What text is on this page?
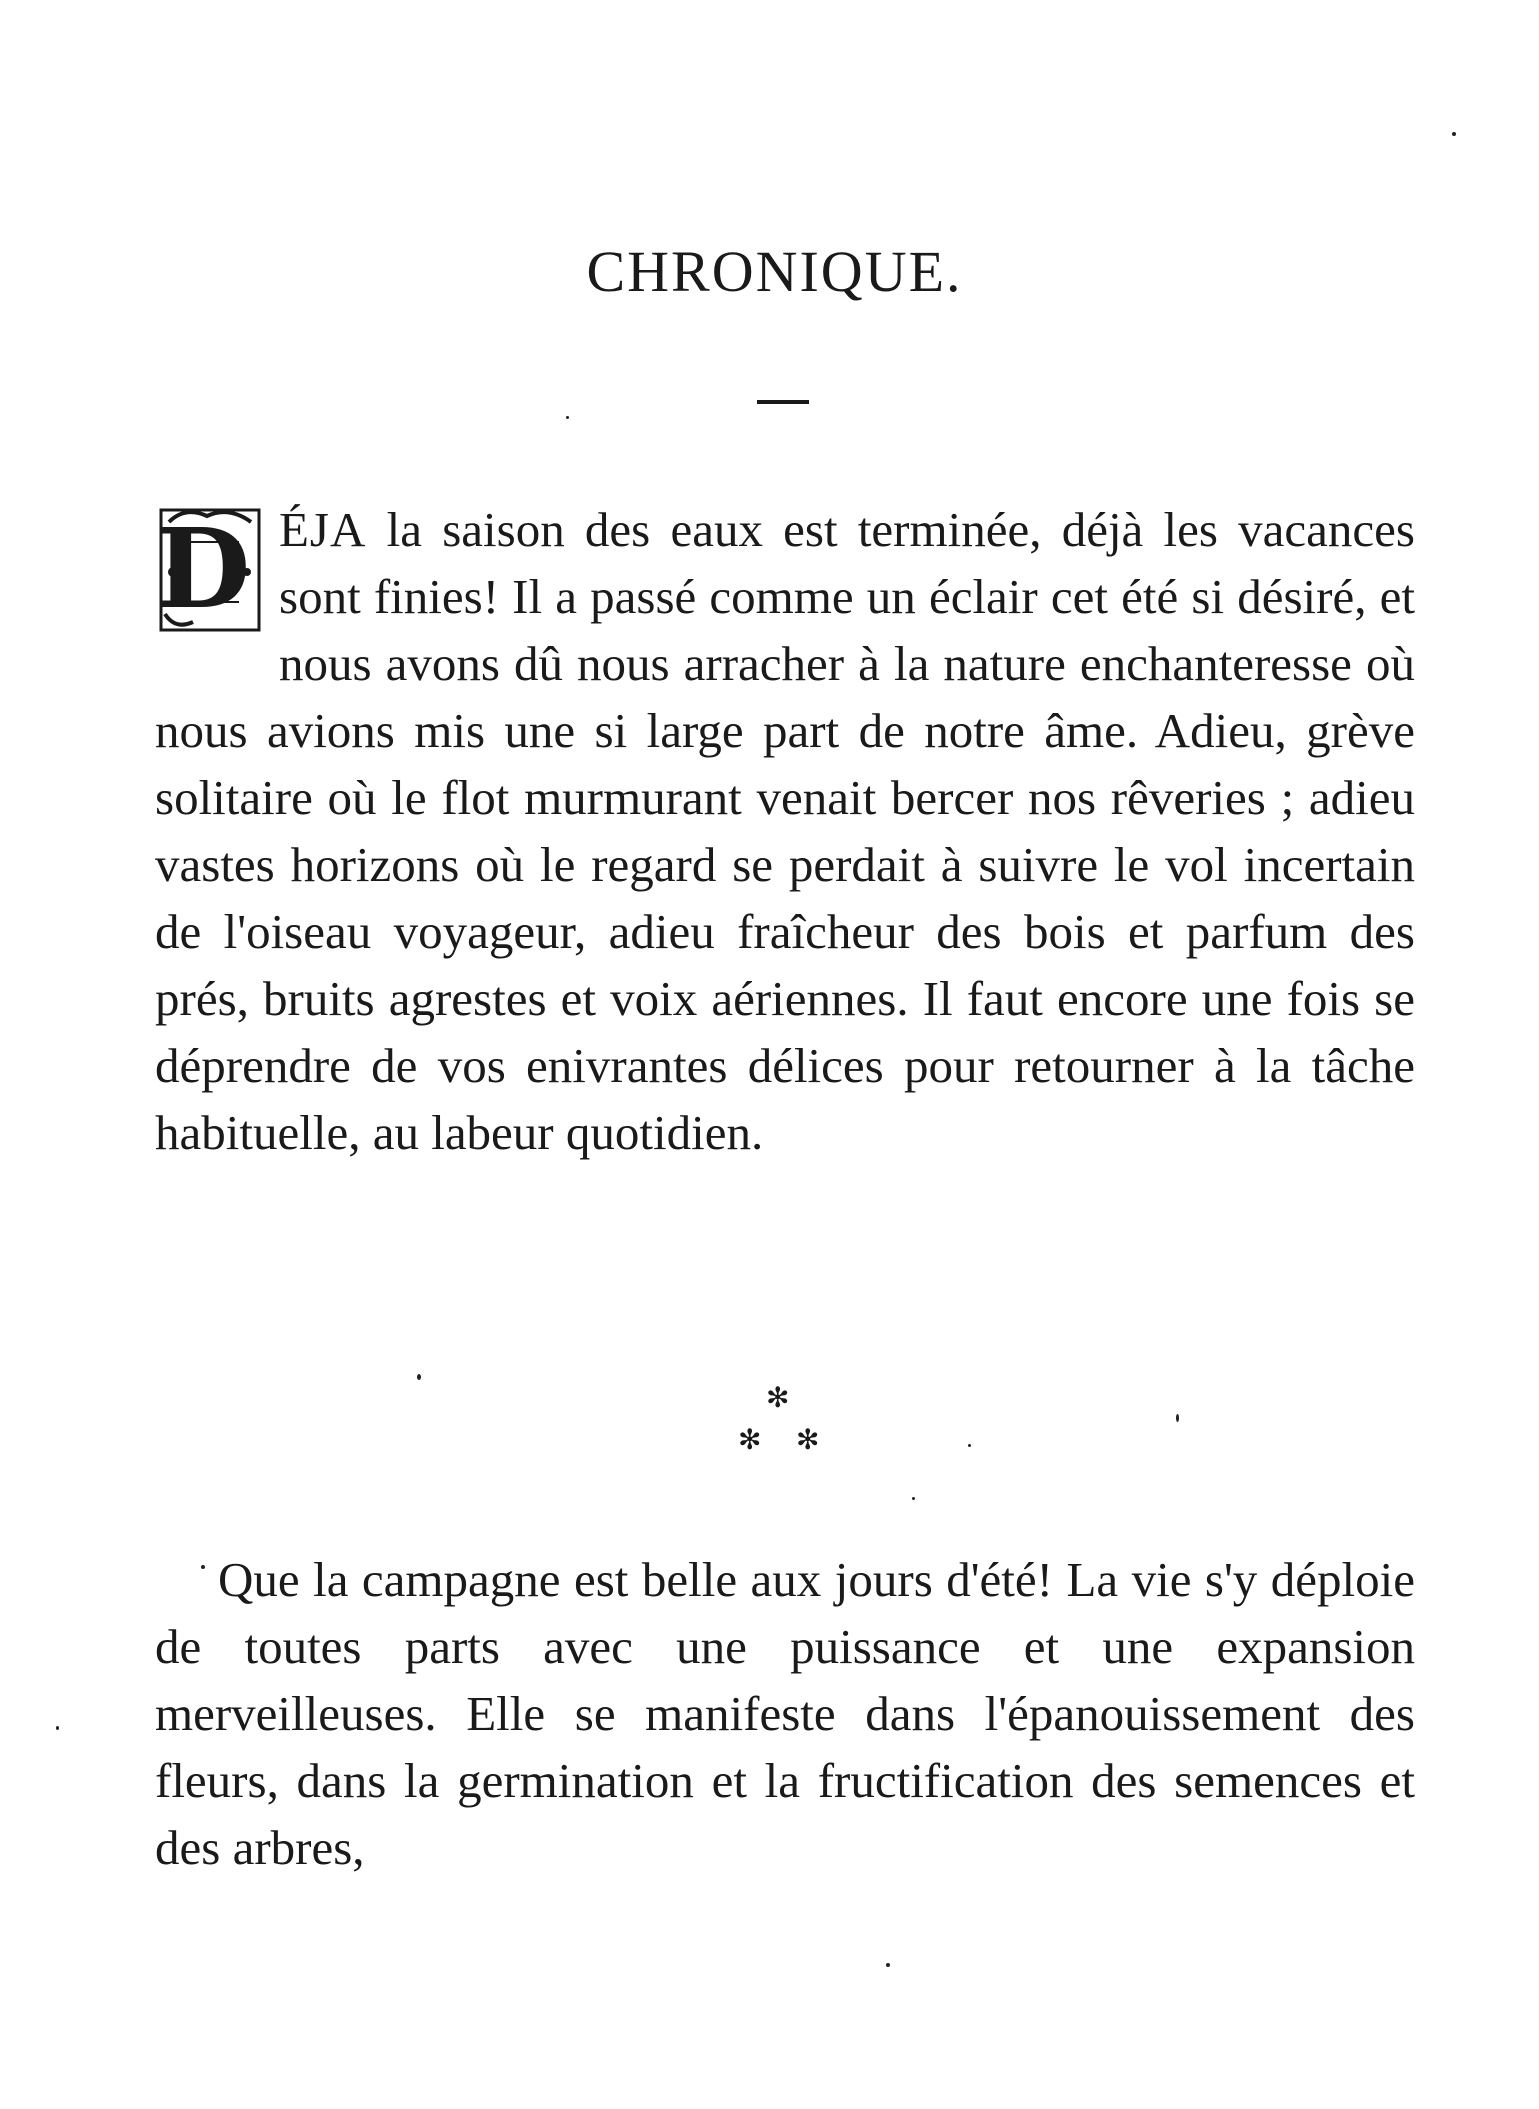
CHRONIQUE.
D ÉJA la saison des eaux est terminée, déjà les vacances sont finies! Il a passé comme un éclair cet été si désiré, et nous avons dû nous arracher à la nature enchanteresse où nous avions mis une si large part de notre âme. Adieu, grève solitaire où le flot murmurant venait bercer nos rêveries ; adieu vastes horizons où le regard se perdait à suivre le vol incertain de l'oiseau voyageur, adieu fraîcheur des bois et parfum des prés, bruits agrestes et voix aériennes. Il faut encore une fois se déprendre de vos enivrantes délices pour retourner à la tâche habituelle, au labeur quotidien.
✻
✻ ✻
Que la campagne est belle aux jours d'été! La vie s'y déploie de toutes parts avec une puissance et une expansion merveilleuses. Elle se manifeste dans l'épanouissement des fleurs, dans la germination et la fructification des semences et des arbres,
